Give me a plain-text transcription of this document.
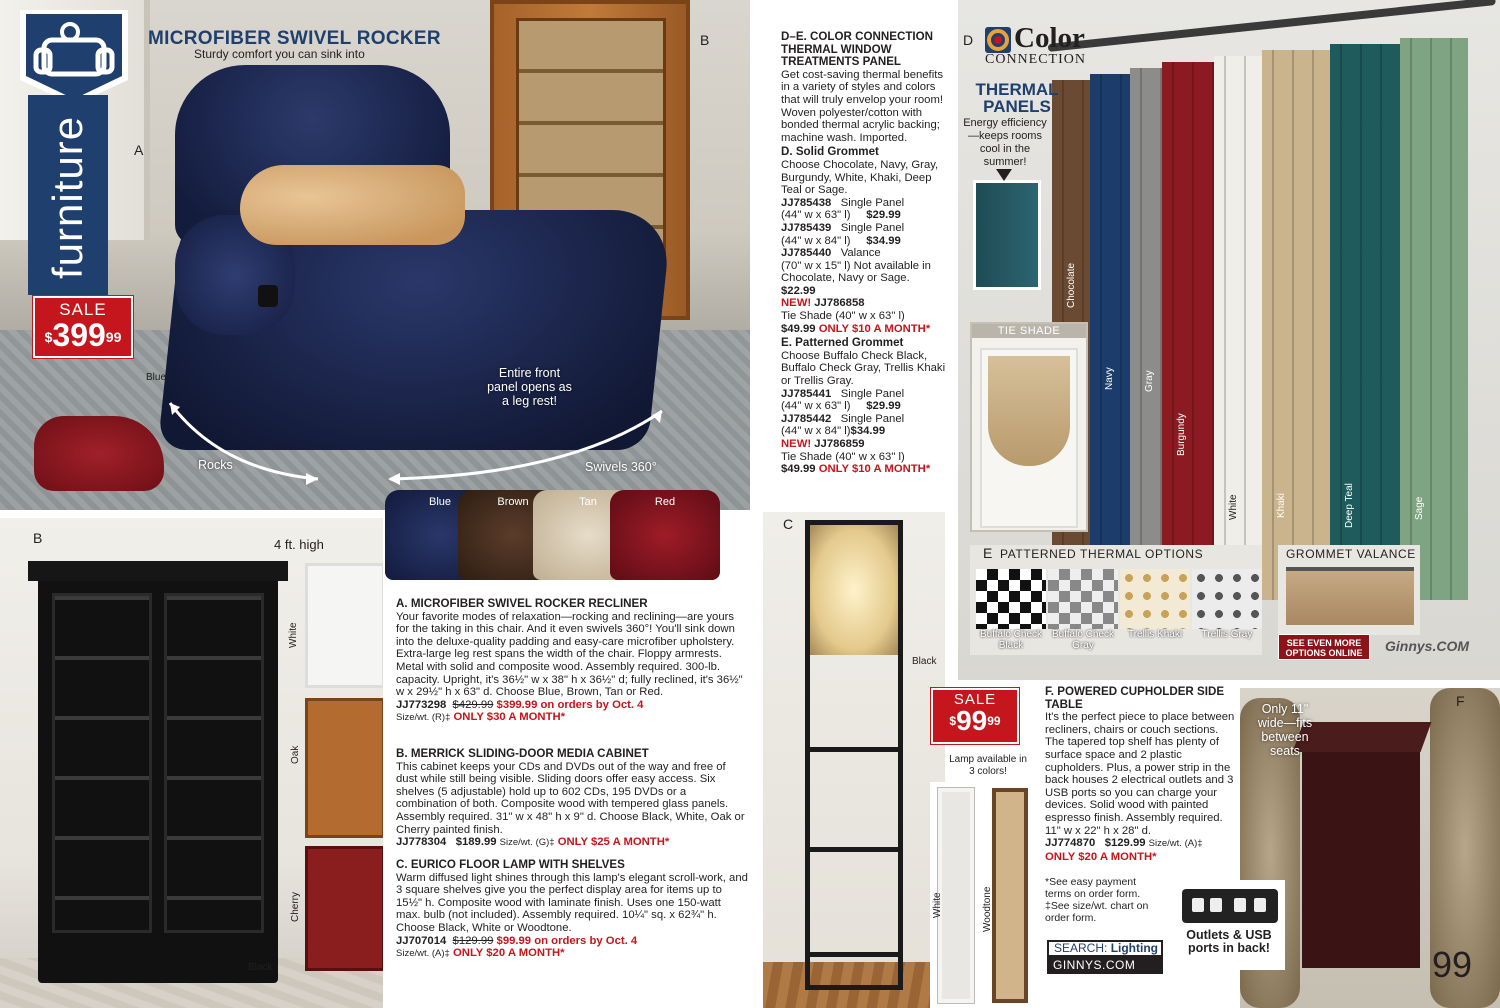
furniture
MICROFIBER SWIVEL ROCKER
Sturdy comfort you can sink into
A
B
SALE
$^{\$}399^{99}$
Blue	Entire front panel opens as a leg rest!
Rocks	Swivels 360°
Blue	Brown	Tan	Red
B	4 ft. high
White
Oak
Cherry
Black
A. MICROFIBER SWIVEL ROCKER RECLINER
Your favorite modes of relaxation—rocking and reclining—are yours for the taking in this chair. And it even swivels 360°! You'll sink down into the deluxe-quality padding and easy-care microfiber upholstery. Extra-large leg rest spans the width of the chair. Floppy armrests. Metal with solid and composite wood. Assembly required. 300-lb. capacity. Upright, it's 36½" w x 38" h x 36½" d; fully reclined, it's 36½" w x 29½" h x 63" d. Choose Blue, Brown, Tan or Red.
JJ773298 $429.99 $399.99 on orders by Oct. 4
Size/wt. (R)‡ ONLY $30 A MONTH*
B. MERRICK SLIDING-DOOR MEDIA CABINET
This cabinet keeps your CDs and DVDs out of the way and free of dust while still being visible. Sliding doors offer easy access. Six shelves (5 adjustable) hold up to 602 CDs, 195 DVDs or a combination of both. Composite wood with tempered glass panels. Assembly required. 31" w x 48" h x 9" d. Choose Black, White, Oak or Cherry painted finish.
JJ778304 $189.99 Size/wt. (G)‡ ONLY $25 A MONTH*
C. EURICO FLOOR LAMP WITH SHELVES
Warm diffused light shines through this lamp's elegant scroll-work, and 3 square shelves give you the perfect display area for items up to 15½" h. Composite wood with laminate finish. Uses one 150-watt max. bulb (not included). Assembly required. 10¼" sq. x 62¾" h. Choose Black, White or Woodtone.
JJ707014 $129.99 $99.99 on orders by Oct. 4
Size/wt. (A)‡ ONLY $20 A MONTH*
D–E. COLOR CONNECTION THERMAL WINDOW TREATMENTS PANEL
Get cost-saving thermal benefits in a variety of styles and colors that will truly envelop your room! Woven polyester/cotton with bonded thermal acrylic backing; machine wash. Imported.
D. Solid Grommet
Choose Chocolate, Navy, Gray, Burgundy, White, Khaki, Deep Teal or Sage.
JJ785438 Single Panel
(44" w x 63" l) $29.99
JJ785439 Single Panel
(44" w x 84" l) $34.99
JJ785440 Valance
(70" w x 15" l) Not available in Chocolate, Navy or Sage.
$22.99
NEW! JJ786858
Tie Shade (40" w x 63" l)
$49.99 ONLY $10 A MONTH*
E. Patterned Grommet
Choose Buffalo Check Black, Buffalo Check Gray, Trellis Khaki or Trellis Gray.
JJ785441 Single Panel
(44" w x 63" l) $29.99
JJ785442 Single Panel
(44" w x 84" l)$34.99
NEW! JJ786859
Tie Shade (40" w x 63" l)
$49.99 ONLY $10 A MONTH*
C
Black
SALE
$^{\$}99^{99}$
Lamp available in 3 colors!
White	Woodtone
Chocolate
Navy	Gray
Burgundy
White	Khaki	Deep Teal	Sage
D Color
CONNECTION
THERMAL PANELS
Energy efficiency —keeps rooms cool in the summer!
TIE SHADE
PATTERNED THERMAL OPTIONS
Buffalo Check Black
Buffalo Check Gray
Trellis Khaki	Trellis Gray
E	GROMMET VALANCE
SEE EVEN MORE OPTIONS ONLINE	Ginnys.COM
F. POWERED CUPHOLDER SIDE TABLE
It's the perfect piece to place between recliners, chairs or couch sections. The tapered top shelf has plenty of surface space and 2 plastic cupholders. Plus, a power strip in the back houses 2 electrical outlets and 3 USB ports so you can charge your devices. Solid wood with painted espresso finish. Assembly required. 11" w x 22" h x 28" d.
JJ774870 $129.99 Size/wt. (A)‡
ONLY $20 A MONTH*
*See easy payment terms on order form.
‡See size/wt. chart on order form.
F
Only 11" wide—fits between seats
Outlets & USB ports in back!
SEARCH: Lighting
GINNYS.COM	99
